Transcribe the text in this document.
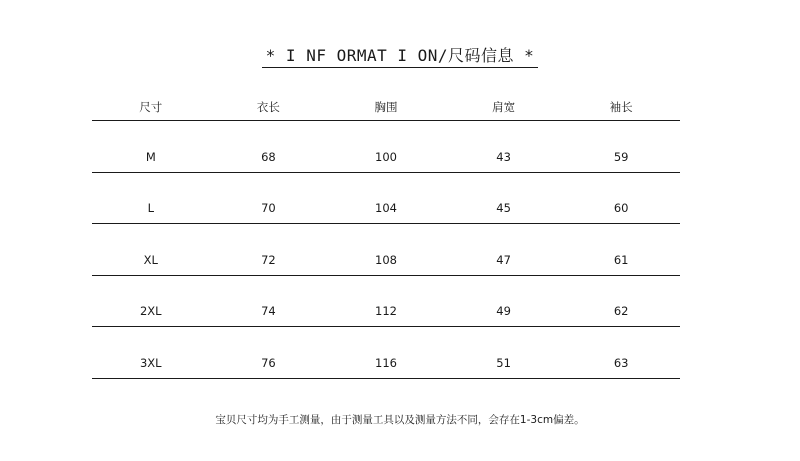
* I NF ORMAT I ON/尺码信息 *
尺寸	衣长	胸围	肩宽	袖长
M	68	100	43	59
L	70	104	45	60
XL	72	108	47	61
2XL	74	112	49	62
3XL	76	116	51	63
宝贝尺寸均为手工测量，由于测量工具以及测量方法不同，会存在1-3cm偏差。
